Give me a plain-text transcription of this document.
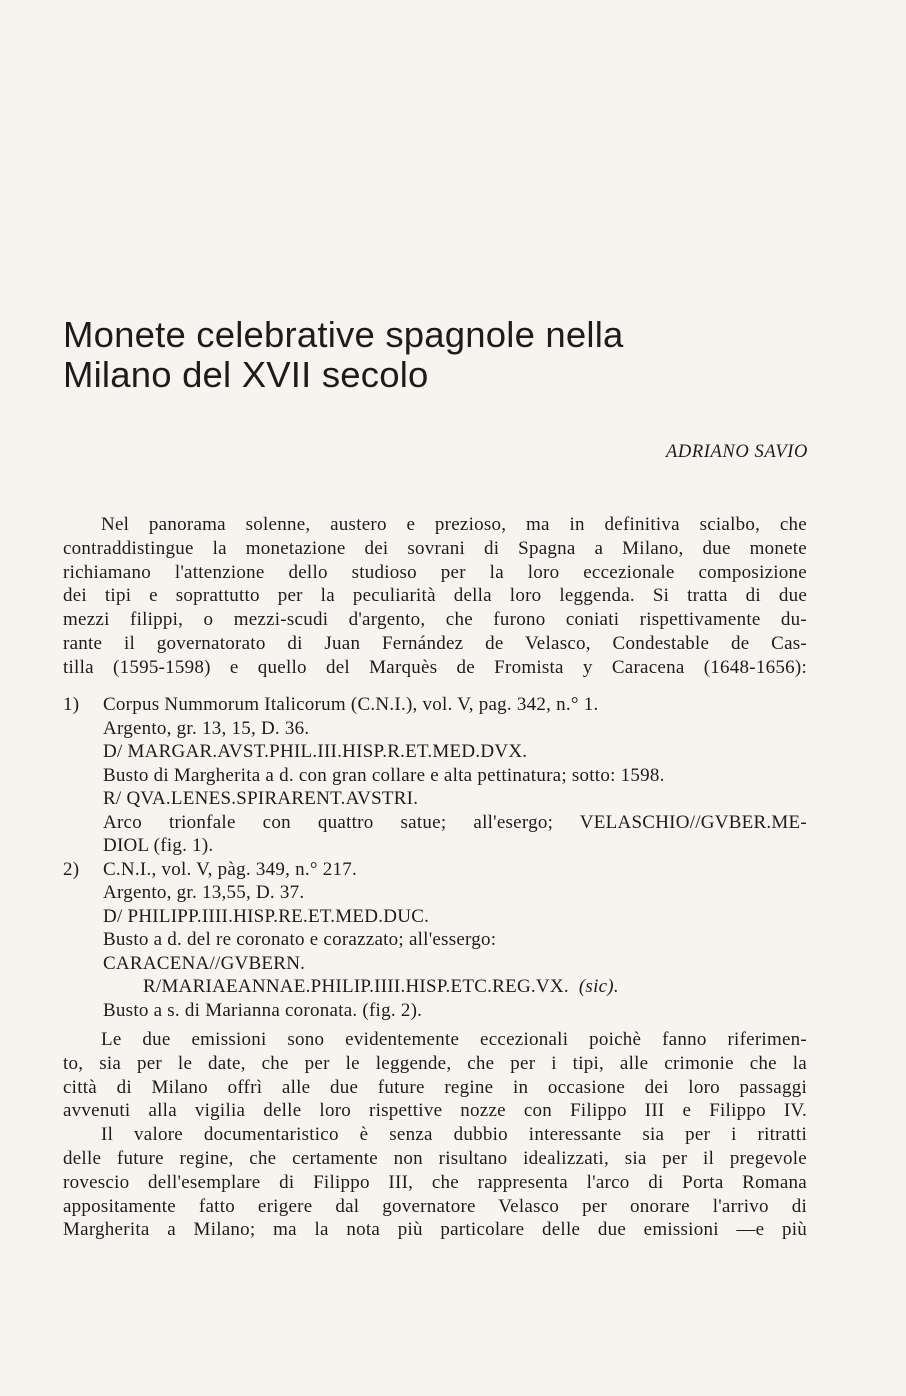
Monete celebrative spagnole nella
Milano del XVII secolo
ADRIANO SAVIO
Nel panorama solenne, austero e prezioso, ma in definitiva scialbo, che
contraddistingue la monetazione dei sovrani di Spagna a Milano, due monete
richiamano l'attenzione dello studioso per la loro eccezionale composizione
dei tipi e soprattutto per la peculiarità della loro leggenda. Si tratta di due
mezzi filippi, o mezzi-scudi d'argento, che furono coniati rispettivamente du-
rante il governatorato di Juan Fernández de Velasco, Condestable de Cas-
tilla (1595-1598) e quello del Marquès de Fromista y Caracena (1648-1656):
1) Corpus Nummorum Italicorum (C.N.I.), vol. V, pag. 342, n.° 1.
Argento, gr. 13, 15, D. 36.
D/ MARGAR.AVST.PHIL.III.HISP.R.ET.MED.DVX.
Busto di Margherita a d. con gran collare e alta pettinatura; sotto: 1598.
R/ QVA.LENES.SPIRARENT.AVSTRI.
Arco trionfale con quattro satue; all'esergo; VELASCHIO//GVBER.ME-
DIOL (fig. 1).
2) C.N.I., vol. V, pàg. 349, n.° 217.
Argento, gr. 13,55, D. 37.
D/ PHILIPP.IIII.HISP.RE.ET.MED.DUC.
Busto a d. del re coronato e corazzato; all'essergo:
CARACENA//GVBERN.
R/MARIAEANNAE.PHILIP.IIII.HISP.ETC.REG.VX. (sic).
Busto a s. di Marianna coronata. (fig. 2).
Le due emissioni sono evidentemente eccezionali poichè fanno riferimen-
to, sia per le date, che per le leggende, che per i tipi, alle crimonie che la
città di Milano offrì alle due future regine in occasione dei loro passaggi
avvenuti alla vigilia delle loro rispettive nozze con Filippo III e Filippo IV.
Il valore documentaristico è senza dubbio interessante sia per i ritratti
delle future regine, che certamente non risultano idealizzati, sia per il pregevole
rovescio dell'esemplare di Filippo III, che rappresenta l'arco di Porta Romana
appositamente fatto erigere dal governatore Velasco per onorare l'arrivo di
Margherita a Milano; ma la nota più particolare delle due emissioni —e più
